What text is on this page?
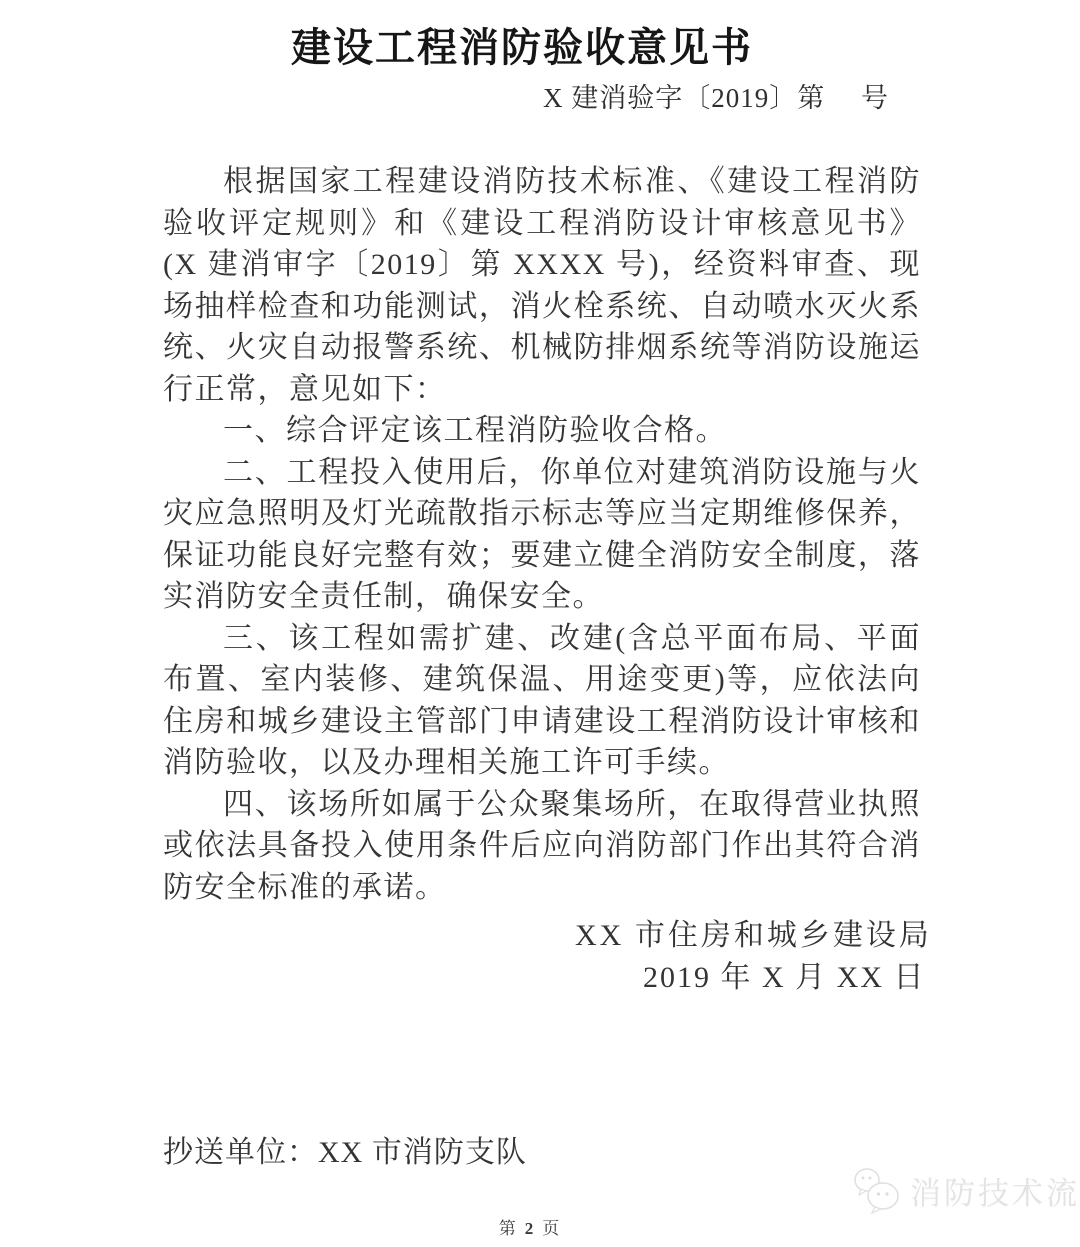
建设工程消防验收意见书
X 建消验字〔2019〕第　 号

根据国家工程建设消防技术标准、《建设工程消防验收评定规则》和《建设工程消防设计审核意见书》(X 建消审字〔2019〕第 XXXX 号)，经资料审查、现场抽样检查和功能测试，消火栓系统、自动喷水灭火系统、火灾自动报警系统、机械防排烟系统等消防设施运行正常，意见如下：

一、综合评定该工程消防验收合格。

二、工程投入使用后，你单位对建筑消防设施与火灾应急照明及灯光疏散指示标志等应当定期维修保养，保证功能良好完整有效；要建立健全消防安全制度，落实消防安全责任制，确保安全。

三、该工程如需扩建、改建(含总平面布局、平面布置、室内装修、建筑保温、用途变更)等，应依法向住房和城乡建设主管部门申请建设工程消防设计审核和消防验收，以及办理相关施工许可手续。

四、该场所如属于公众聚集场所，在取得营业执照或依法具备投入使用条件后应向消防部门作出其符合消防安全标准的承诺。

XX 市住房和城乡建设局
2019 年 X 月 XX 日
抄送单位：XX 市消防支队
第 2 页
消防技术流
